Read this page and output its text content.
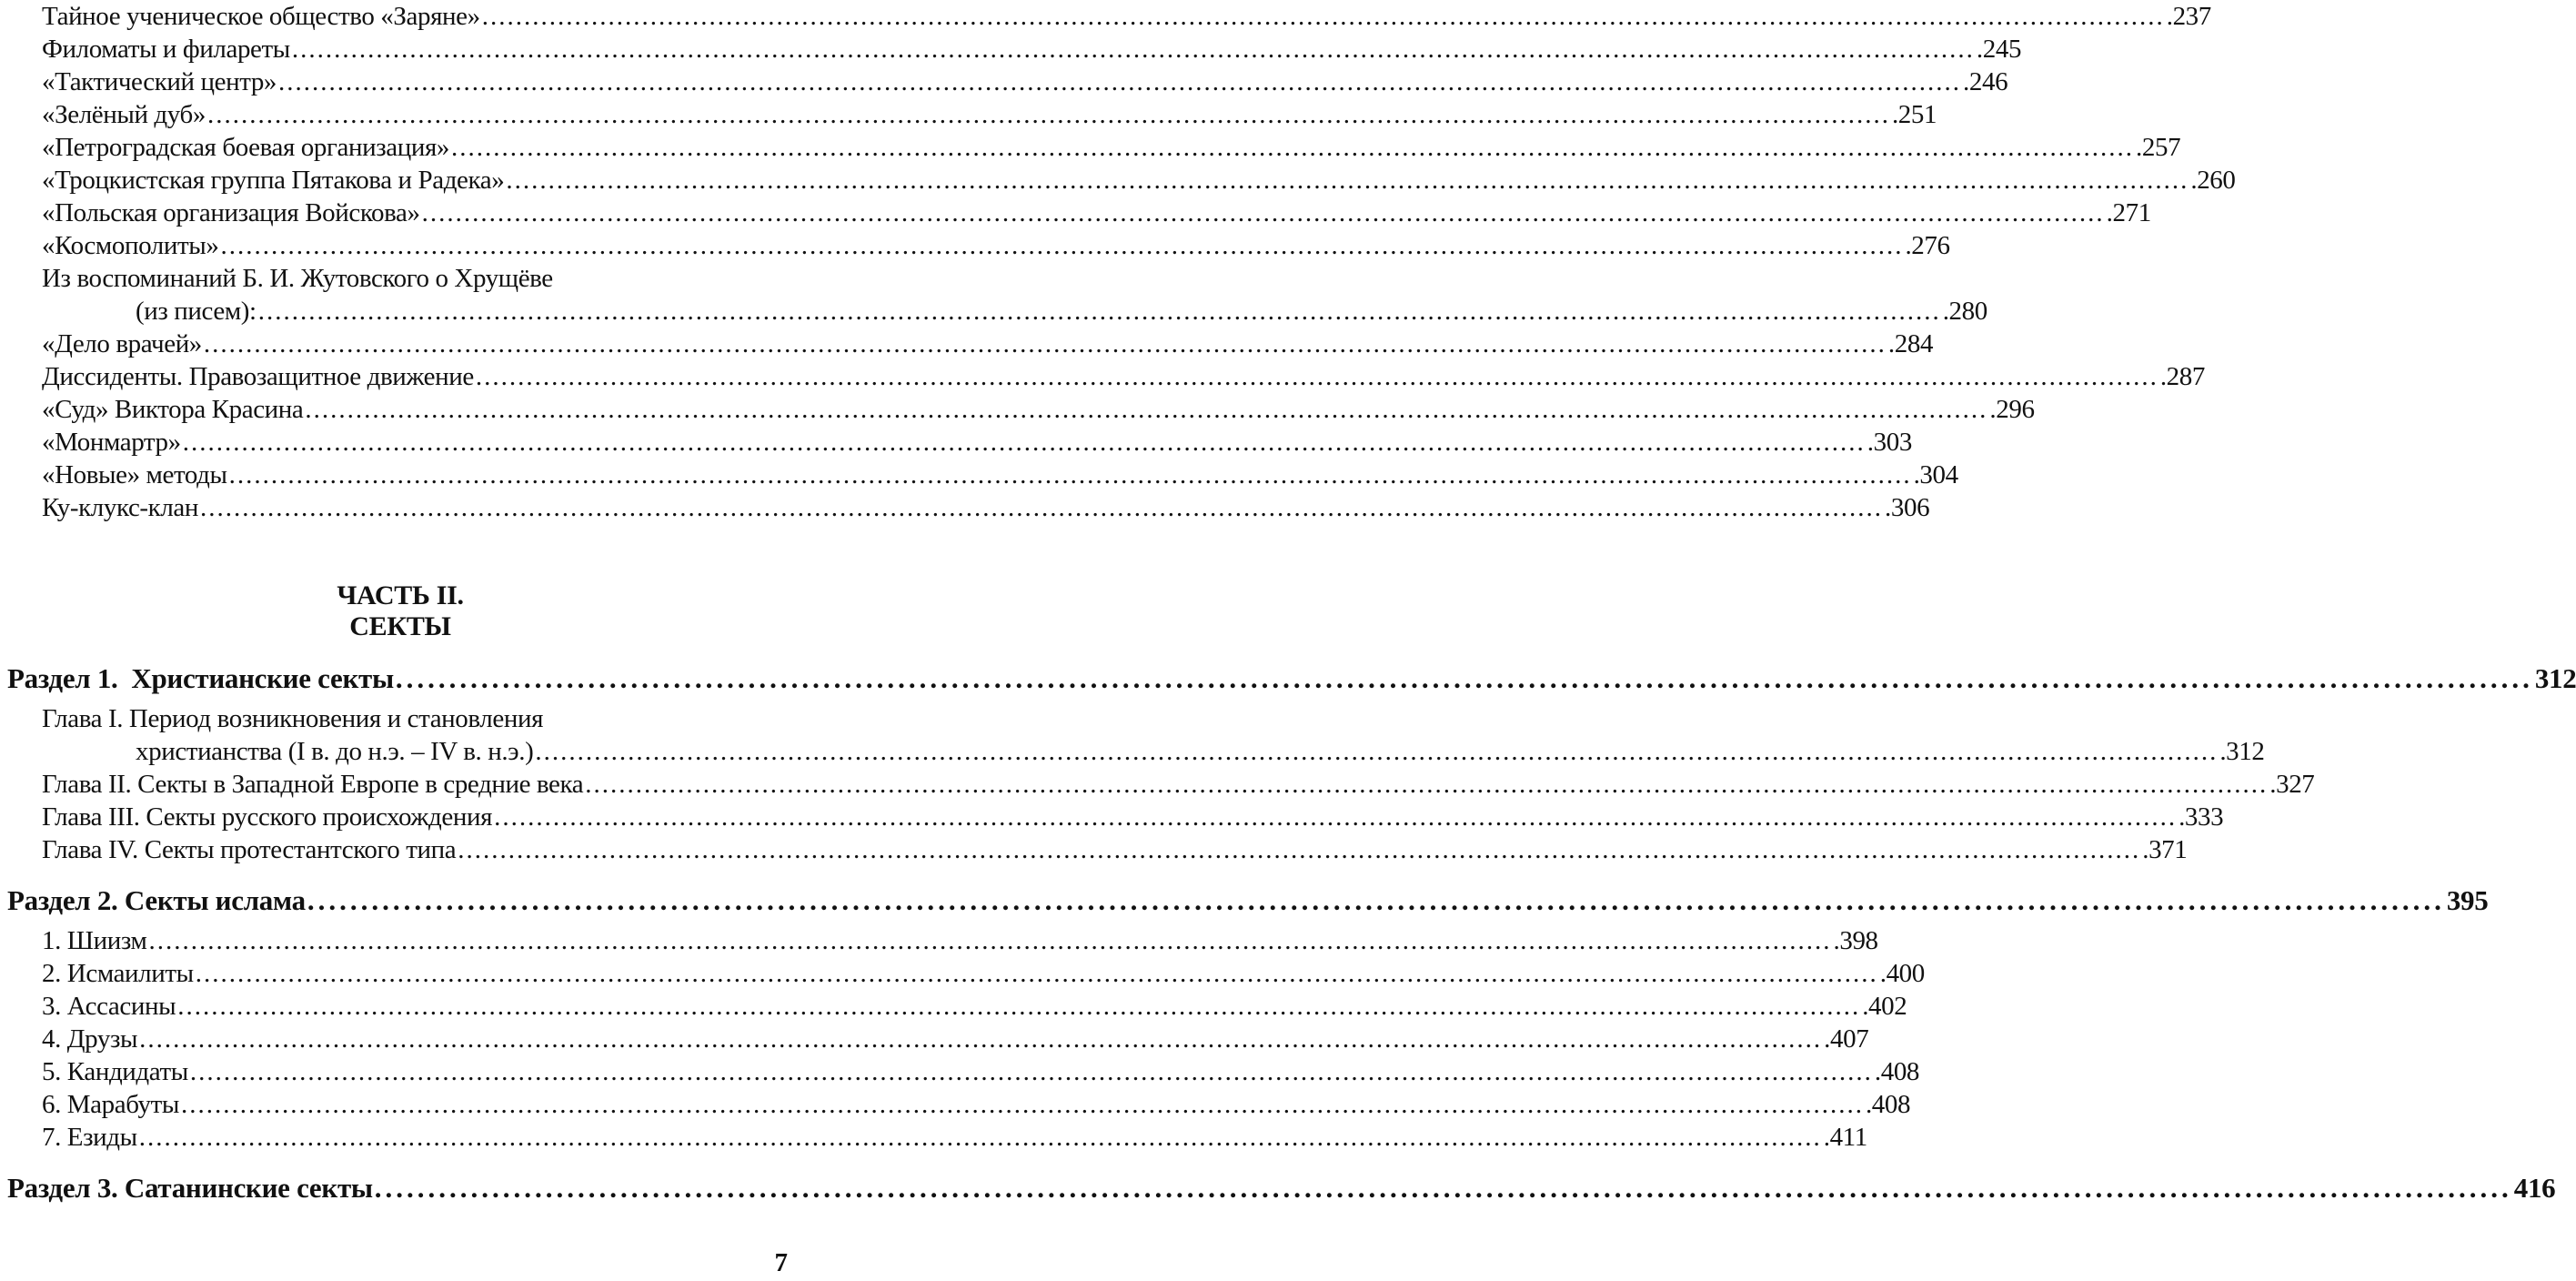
Тайное ученическое общество «Заряне» ........................................................................................................................................................................................................ .237
Филоматы и филареты ........................................................................................................................................................................................................ .245
«Тактический центр» ........................................................................................................................................................................................................ .246
«Зелёный дуб» ........................................................................................................................................................................................................ .251
«Петроградская боевая организация» ........................................................................................................................................................................................................ .257
«Троцкистская группа Пятакова и Радека» ........................................................................................................................................................................................................ .260
«Польская организация Войскова» ........................................................................................................................................................................................................ .271
«Космополиты» ........................................................................................................................................................................................................ .276
Из воспоминаний Б. И. Жутовского о Хрущёве
(из писем): ........................................................................................................................................................................................................ .280
«Дело врачей» ........................................................................................................................................................................................................ .284
Диссиденты. Правозащитное движение ........................................................................................................................................................................................................ .287
«Суд» Виктора Красина ........................................................................................................................................................................................................ .296
«Монмартр» ........................................................................................................................................................................................................ .303
«Новые» методы ........................................................................................................................................................................................................ .304
Ку-клукс-клан ........................................................................................................................................................................................................ .306
ЧАСТЬ II.
СЕКТЫ
Раздел 1.  Христианские секты ........................................................................................................................................................................................................ 312
Глава I. Период возникновения и становления
христианства (I в. до н.э. – IV в. н.э.) ........................................................................................................................................................................................................ .312
Глава II. Секты в Западной Европе в средние века ........................................................................................................................................................................................................ .327
Глава III. Секты русского происхождения ........................................................................................................................................................................................................ .333
Глава IV. Секты протестантского типа ........................................................................................................................................................................................................ .371
Раздел 2. Секты ислама ........................................................................................................................................................................................................ 395
1. Шиизм ........................................................................................................................................................................................................ .398
2. Исмаилиты ........................................................................................................................................................................................................ .400
3. Ассасины ........................................................................................................................................................................................................ .402
4. Друзы ........................................................................................................................................................................................................ .407
5. Кандидаты ........................................................................................................................................................................................................ .408
6. Марабуты ........................................................................................................................................................................................................ .408
7. Езиды ........................................................................................................................................................................................................ .411
Раздел 3. Сатанинские секты ........................................................................................................................................................................................................ 416
7
